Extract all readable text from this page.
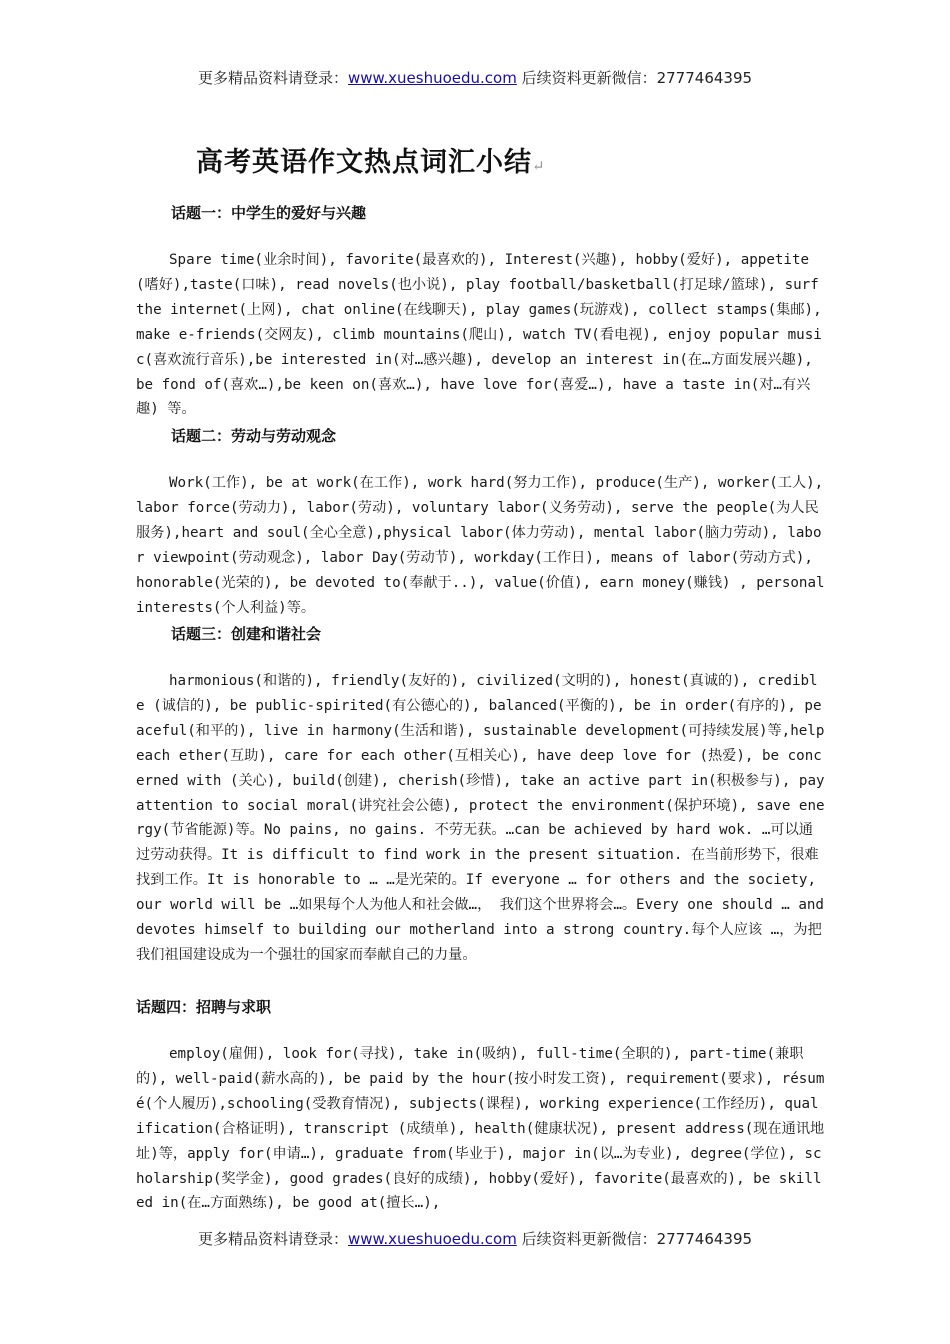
更多精品资料请登录：www.xueshuoedu.com 后续资料更新微信：2777464395
高考英语作文热点词汇小结↵
话题一：中学生的爱好与兴趣
Spare time(业余时间), favorite(最喜欢的), Interest(兴趣), hobby(爱好), appetite(嗜好),taste(口味), read novels(也小说), play football/basketball(打足球/篮球), surf the internet(上网), chat online(在线聊天), play games(玩游戏), collect stamps(集邮), make e-friends(交网友), climb mountains(爬山), watch TV(看电视), enjoy popular music(喜欢流行音乐),be interested in(对…感兴趣), develop an interest in(在…方面发展兴趣), be fond of(喜欢…),be keen on(喜欢…), have love for(喜爱…), have a taste in(对…有兴趣) 等。
话题二：劳动与劳动观念
Work(工作), be at work(在工作), work hard(努力工作), produce(生产), worker(工人), labor force(劳动力), labor(劳动), voluntary labor(义务劳动), serve the people(为人民服务),heart and soul(全心全意),physical labor(体力劳动), mental labor(脑力劳动), labor viewpoint(劳动观念), labor Day(劳动节), workday(工作日), means of labor(劳动方式), honorable(光荣的), be devoted to(奉献于..), value(价值), earn money(赚钱) , personal interests(个人利益)等。
话题三：创建和谐社会
harmonious(和谐的), friendly(友好的), civilized(文明的), honest(真诚的), credible (诚信的), be public-spirited(有公德心的), balanced(平衡的), be in order(有序的), peaceful(和平的), live in harmony(生活和谐), sustainable development(可持续发展)等,help each ether(互助), care for each other(互相关心), have deep love for (热爱), be concerned with (关心), build(创建), cherish(珍惜), take an active part in(积极参与), pay attention to social moral(讲究社会公德), protect the environment(保护环境), save energy(节省能源)等。No pains, no gains. 不劳无获。…can be achieved by hard wok. …可以通过劳动获得。It is difficult to find work in the present situation. 在当前形势下，很难找到工作。It is honorable to … …是光荣的。If everyone … for others and the society, our world will be …如果每个人为他人和社会做…， 我们这个世界将会…。Every one should … and devotes himself to building our motherland into a strong country.每个人应该 …，为把我们祖国建设成为一个强壮的国家而奉献自己的力量。
话题四：招聘与求职
employ(雇佣), look for(寻找), take in(吸纳), full-time(全职的), part-time(兼职的), well-paid(薪水高的), be paid by the hour(按小时发工资), requirement(要求), résumé(个人履历),schooling(受教育情况), subjects(课程), working experience(工作经历), qualification(合格证明), transcript (成绩单), health(健康状况), present address(现在通讯地址)等，apply for(申请…), graduate from(毕业于), major in(以…为专业), degree(学位), scholarship(奖学金), good grades(良好的成绩), hobby(爱好), favorite(最喜欢的), be skilled in(在…方面熟练), be good at(擅长…),
更多精品资料请登录：www.xueshuoedu.com 后续资料更新微信：2777464395
